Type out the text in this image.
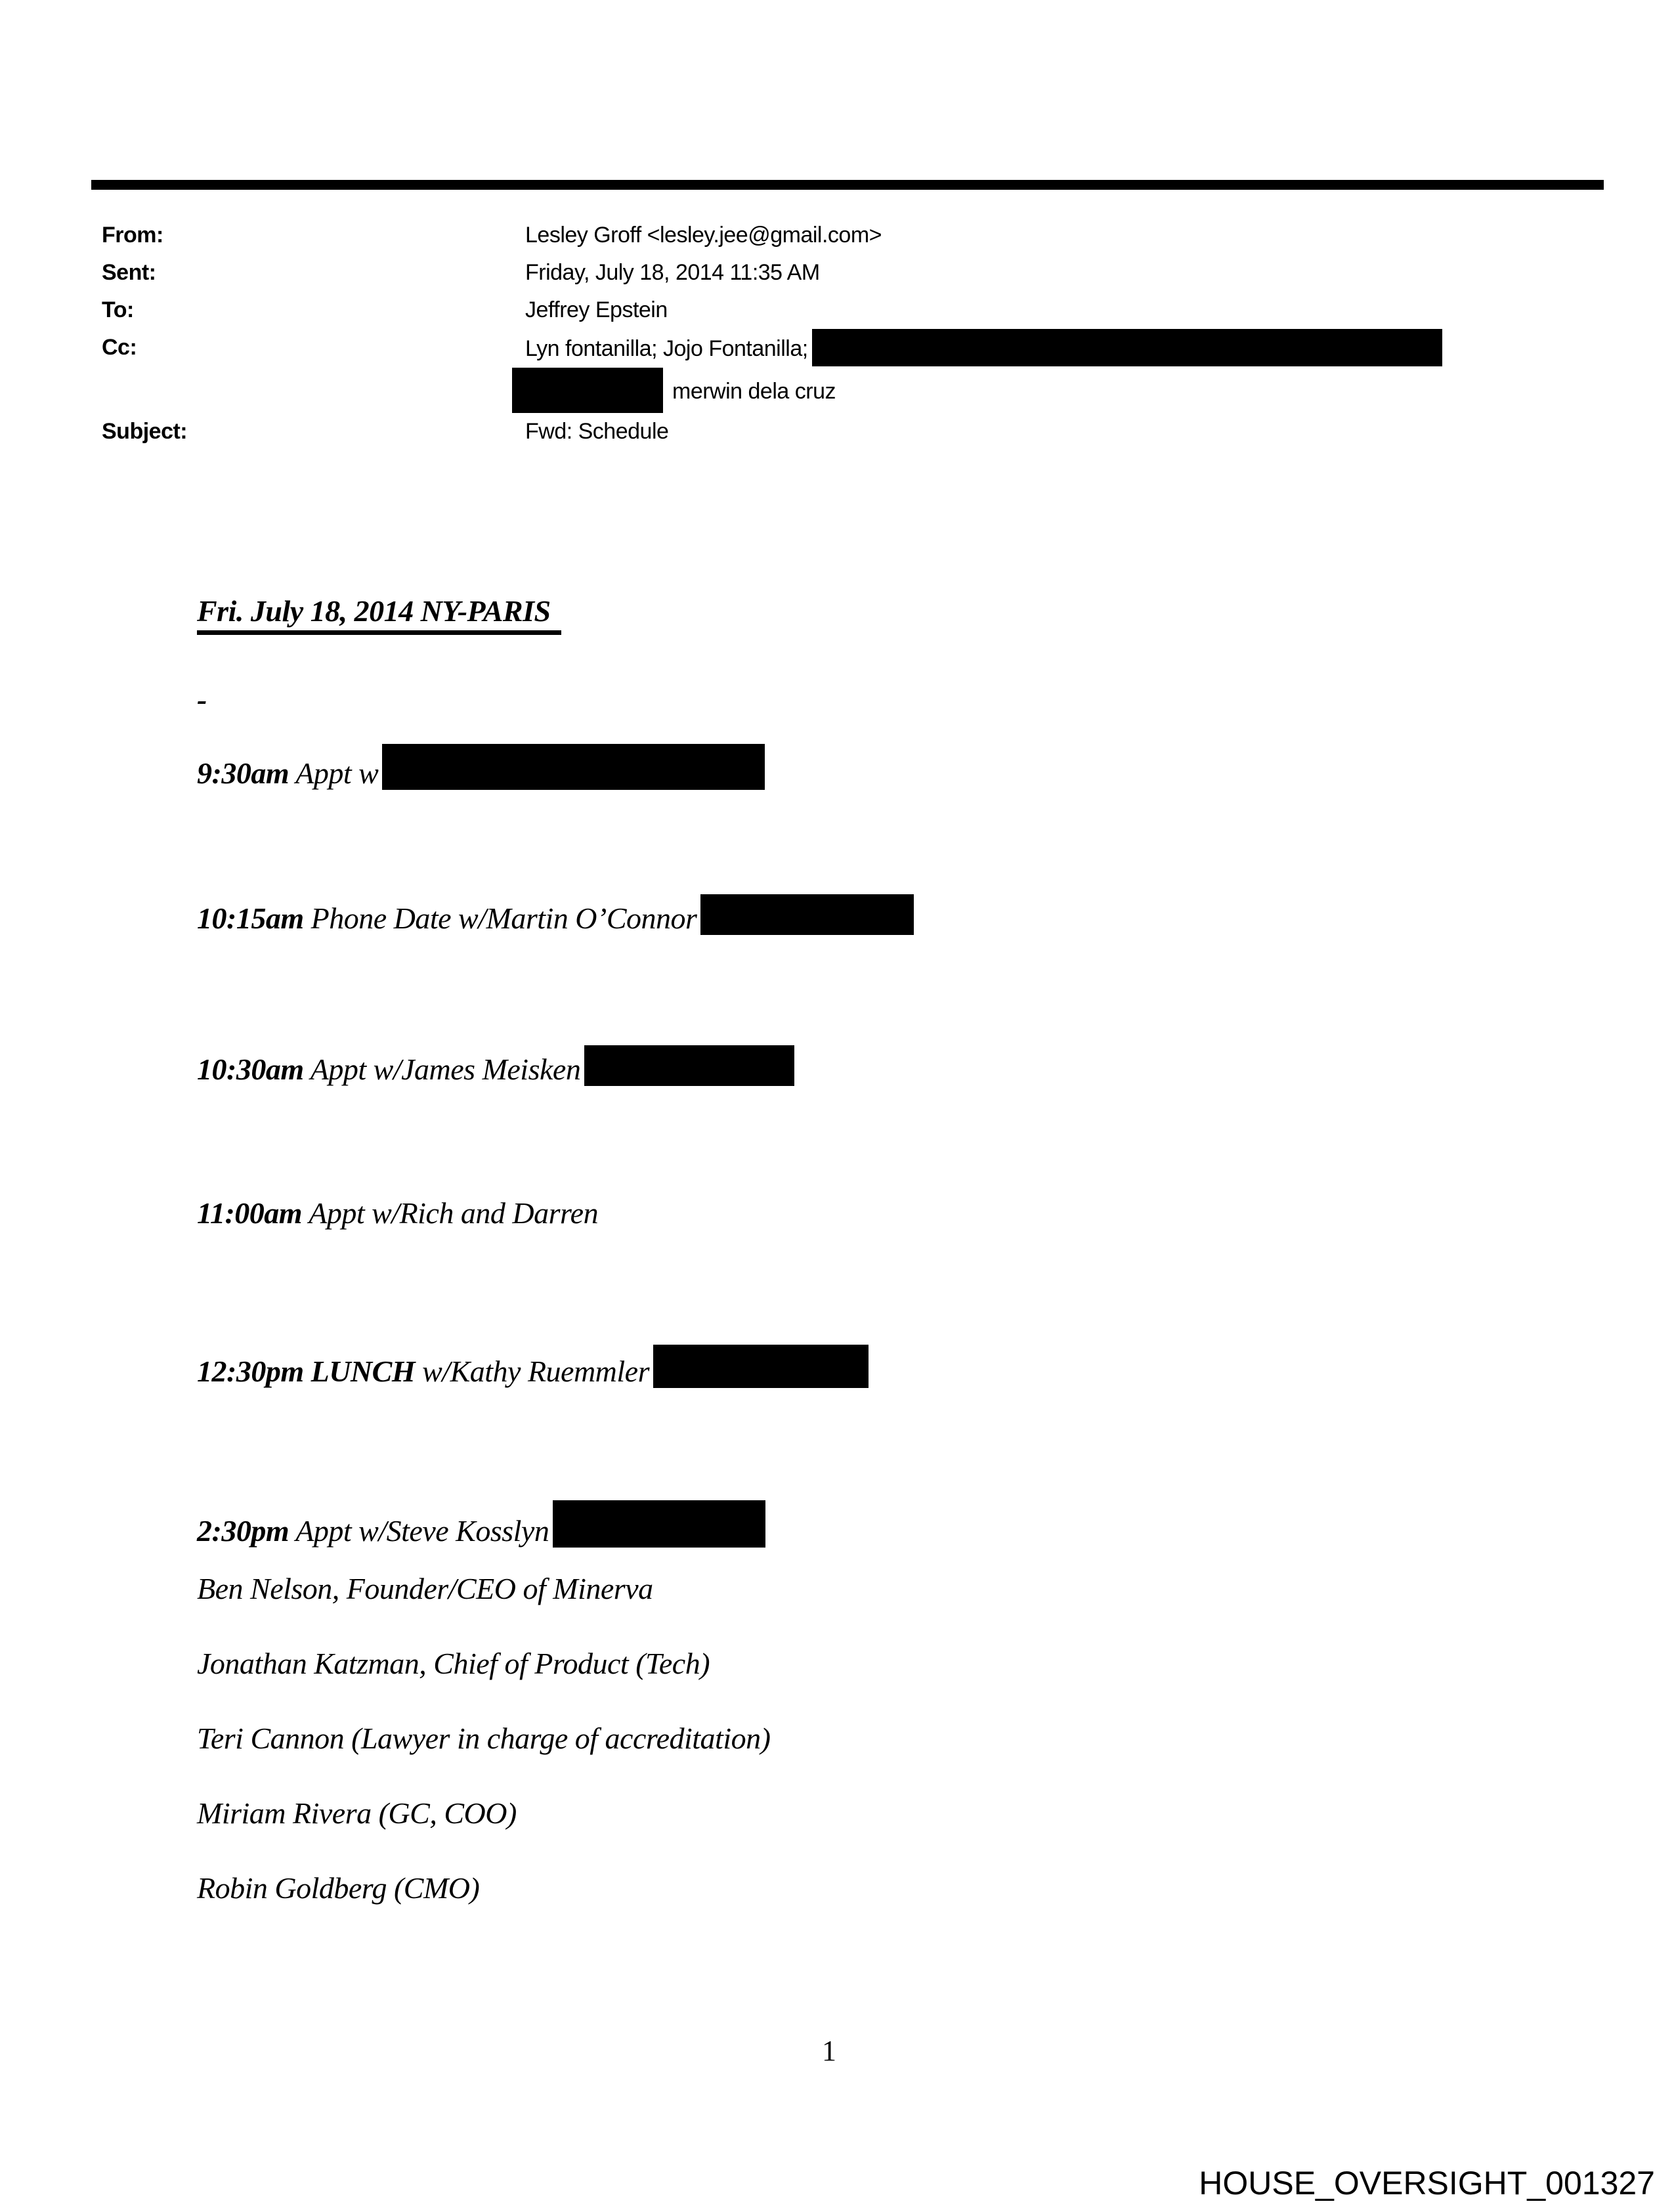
From:	Lesley Groff <lesley.jee@gmail.com>
Sent:	Friday, July 18, 2014 11:35 AM
To:	Jeffrey Epstein
Cc:	Lyn fontanilla; Jojo Fontanilla;
merwin dela cruz
Subject:	Fwd: Schedule
Fri. July 18, 2014 NY-PARIS
-
9:30am Appt w
10:15am Phone Date w/Martin O’Connor
10:30am Appt w/James Meisken
11:00am Appt w/Rich and Darren
12:30pm LUNCH w/Kathy Ruemmler
2:30pm Appt w/Steve Kosslyn
Ben Nelson, Founder/CEO of Minerva
Jonathan Katzman, Chief of Product (Tech)
Teri Cannon (Lawyer in charge of accreditation)
Miriam Rivera (GC, COO)
Robin Goldberg (CMO)
1
HOUSE_OVERSIGHT_001327
